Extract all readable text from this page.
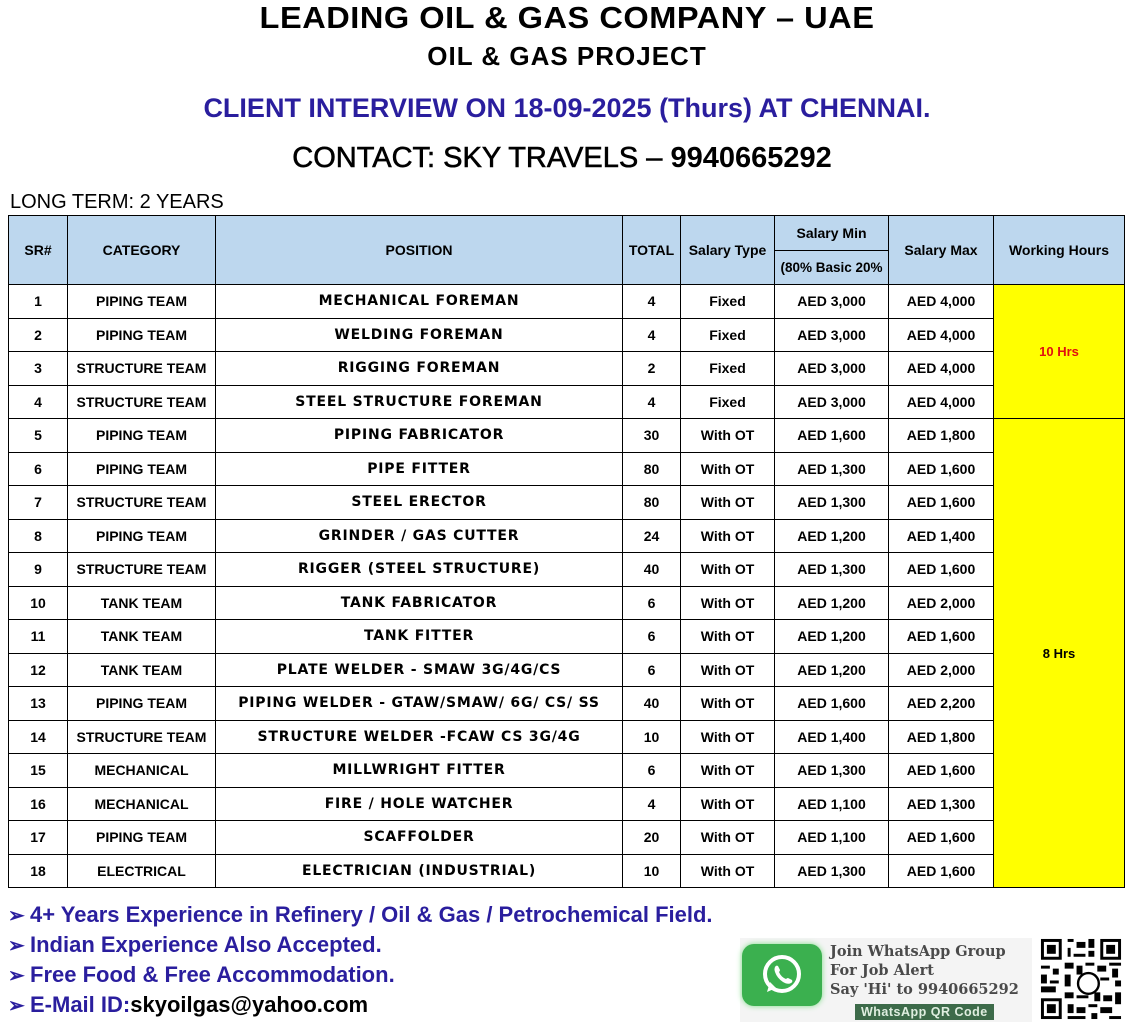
LEADING OIL & GAS COMPANY – UAE
OIL & GAS PROJECT
CLIENT INTERVIEW ON 18-09-2025 (Thurs) AT CHENNAI.
CONTACT: SKY TRAVELS – 9940665292
LONG TERM: 2 YEARS
SR#	CATEGORY	POSITION	TOTAL	Salary Type	Salary Min	Salary Max	Working Hours
					(80% Basic 20%		
1	PIPING TEAM	MECHANICAL FOREMAN	4	Fixed	AED 3,000	AED 4,000	10 Hrs
2	PIPING TEAM	WELDING FOREMAN	4	Fixed	AED 3,000	AED 4,000	
3	STRUCTURE TEAM	RIGGING FOREMAN	2	Fixed	AED 3,000	AED 4,000	
4	STRUCTURE TEAM	STEEL STRUCTURE FOREMAN	4	Fixed	AED 3,000	AED 4,000	
5	PIPING TEAM	PIPING FABRICATOR	30	With OT	AED 1,600	AED 1,800	8 Hrs
6	PIPING TEAM	PIPE FITTER	80	With OT	AED 1,300	AED 1,600	
7	STRUCTURE TEAM	STEEL ERECTOR	80	With OT	AED 1,300	AED 1,600	
8	PIPING TEAM	GRINDER / GAS CUTTER	24	With OT	AED 1,200	AED 1,400	
9	STRUCTURE TEAM	RIGGER (STEEL STRUCTURE)	40	With OT	AED 1,300	AED 1,600	
10	TANK TEAM	TANK FABRICATOR	6	With OT	AED 1,200	AED 2,000	
11	TANK TEAM	TANK FITTER	6	With OT	AED 1,200	AED 1,600	
12	TANK TEAM	PLATE WELDER - SMAW 3G/4G/CS	6	With OT	AED 1,200	AED 2,000	
13	PIPING TEAM	PIPING WELDER - GTAW/SMAW/ 6G/ CS/ SS	40	With OT	AED 1,600	AED 2,200	
14	STRUCTURE TEAM	STRUCTURE WELDER -FCAW CS 3G/4G	10	With OT	AED 1,400	AED 1,800	
15	MECHANICAL	MILLWRIGHT FITTER	6	With OT	AED 1,300	AED 1,600	
16	MECHANICAL	FIRE / HOLE WATCHER	4	With OT	AED 1,100	AED 1,300	
17	PIPING TEAM	SCAFFOLDER	20	With OT	AED 1,100	AED 1,600	
18	ELECTRICAL	ELECTRICIAN (INDUSTRIAL)	10	With OT	AED 1,300	AED 1,600	
➢ 4+ Years Experience in Refinery / Oil & Gas / Petrochemical Field.
➢ Indian Experience Also Accepted.
➢ Free Food & Free Accommodation.
➢ E-Mail ID: skyoilgas@yahoo.com
Join WhatsApp Group
For Job Alert
Say 'Hi' to 9940665292
WhatsApp QR Code
